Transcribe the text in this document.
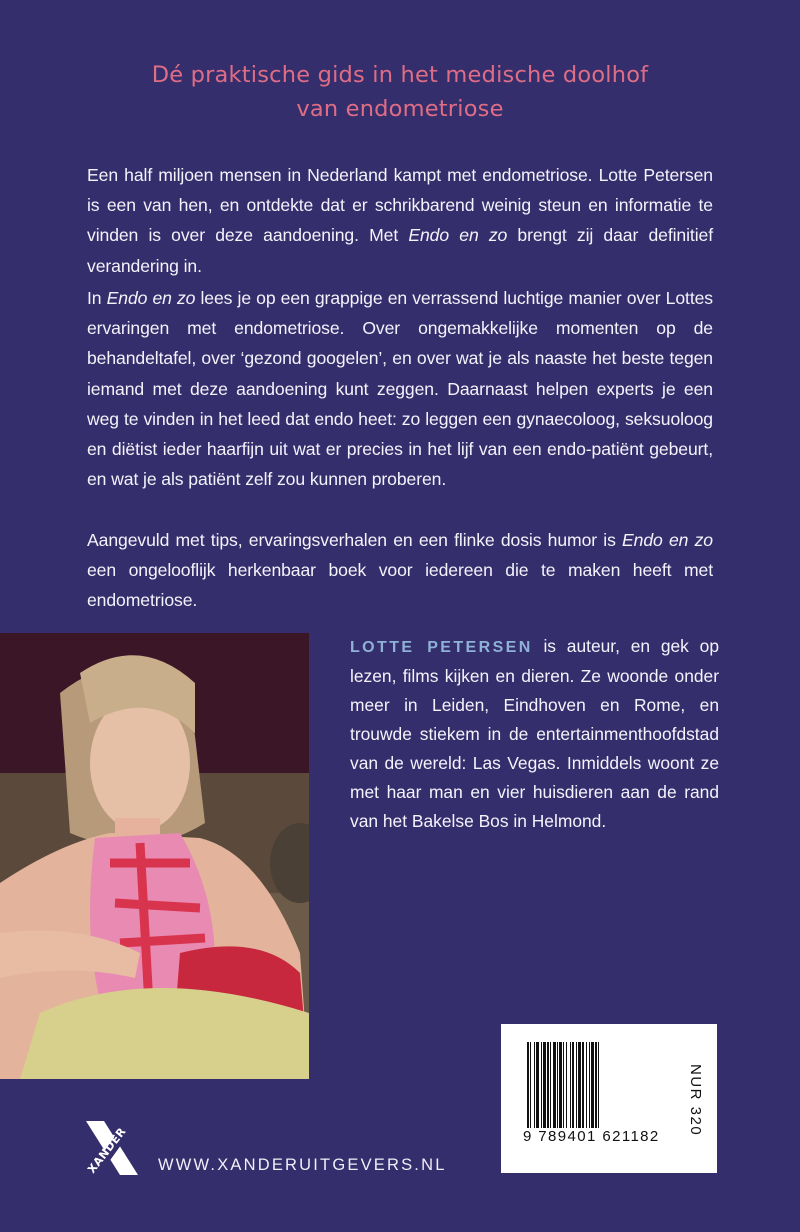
Dé praktische gids in het medische doolhof
van endometriose
Een half miljoen mensen in Nederland kampt met endometriose. Lotte Petersen is een van hen, en ontdekte dat er schrikbarend weinig steun en informatie te vinden is over deze aandoening. Met Endo en zo brengt zij daar definitief verandering in.
In Endo en zo lees je op een grappige en verrassend luchtige manier over Lottes ervaringen met endometriose. Over ongemakkelijke momenten op de behandeltafel, over ‘gezond googelen’, en over wat je als naaste het beste tegen iemand met deze aandoening kunt zeggen. Daarnaast helpen experts je een weg te vinden in het leed dat endo heet: zo leggen een gynaecoloog, seksuoloog en diëtist ieder haarfijn uit wat er precies in het lijf van een endo-patiënt gebeurt, en wat je als patiënt zelf zou kunnen proberen.
Aangevuld met tips, ervaringsverhalen en een flinke dosis humor is Endo en zo een ongelooflijk herkenbaar boek voor iedereen die te maken heeft met endometriose.
LOTTE PETERSEN is auteur, en gek op lezen, films kijken en dieren. Ze woonde onder meer in Leiden, Eindhoven en Rome, en trouwde stiekem in de entertainmenthoofdstad van de wereld: Las Vegas. Inmiddels woont ze met haar man en vier huisdieren aan de rand van het Bakelse Bos in Helmond.
9 789401 621182
NUR 320
XANDER WWW.XANDERUITGEVERS.NL
